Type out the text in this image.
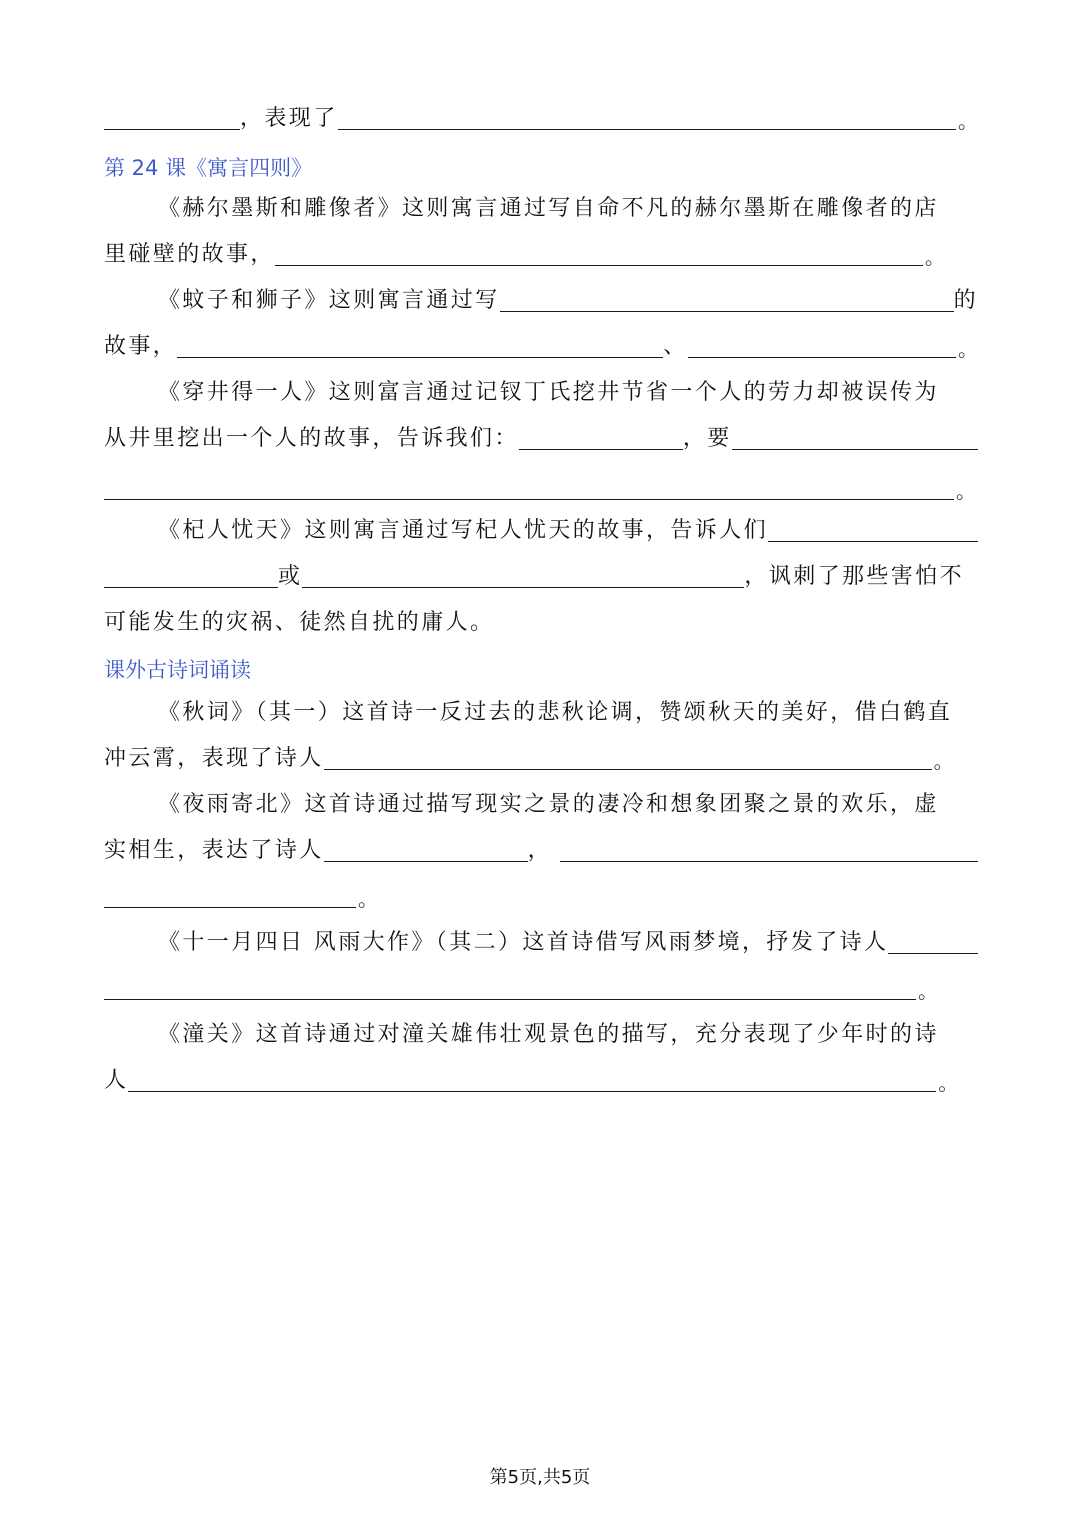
，表现了	。
第 24 课《寓言四则》
《赫尔墨斯和雕像者》这则寓言通过写自命不凡的赫尔墨斯在雕像者的店
里碰壁的故事，	。
《蚊子和狮子》这则寓言通过写	的
故事，	、	。
《穿井得一人》这则富言通过记钗丁氏挖井节省一个人的劳力却被误传为
从井里挖出一个人的故事，告诉我们：	，要
。
《杞人忧天》这则寓言通过写杞人忧天的故事，告诉人们
或	，讽刺了那些害怕不
可能发生的灾祸、徒然自扰的庸人。
课外古诗词诵读
《秋词》（其一）这首诗一反过去的悲秋论调，赞颂秋天的美好，借白鹤直
冲云霄，表现了诗人	。
《夜雨寄北》这首诗通过描写现实之景的凄冷和想象团聚之景的欢乐，虚
实相生，表达了诗人	，
。
《十一月四日 风雨大作》（其二）这首诗借写风雨梦境，抒发了诗人
。
《潼关》这首诗通过对潼关雄伟壮观景色的描写，充分表现了少年时的诗
人	。
第5页,共5页
